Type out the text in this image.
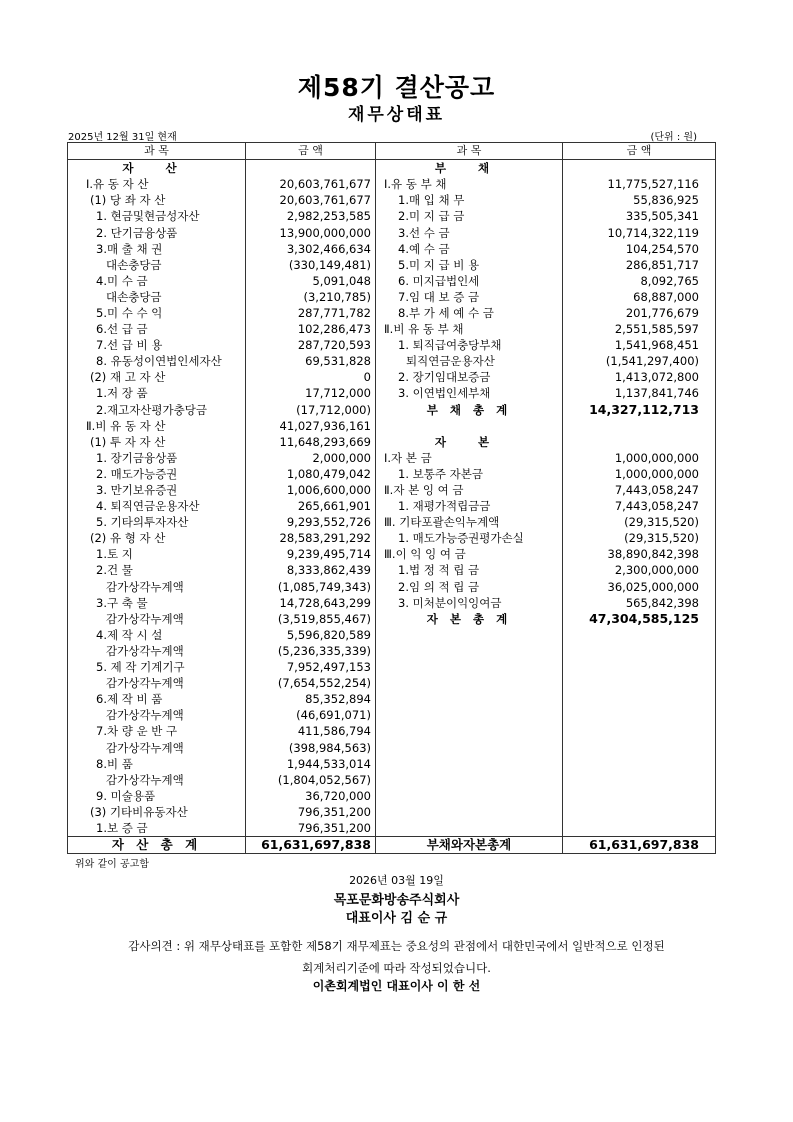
제58기 결산공고
재무상태표
2025년 12월 31일 현재	(단위 : 원)
과 목	금 액	과 목	금 액
자 산		부 채	
Ⅰ.유 동 자 산	20,603,761,677	Ⅰ.유 동 부 채	11,775,527,116
(1) 당 좌 자 산	20,603,761,677	1.매 입 채 무	55,836,925
1. 현금및현금성자산	2,982,253,585	2.미 지 급 금	335,505,341
2. 단기금융상품	13,900,000,000	3.선 수 금	10,714,322,119
3.매 출 채 권	3,302,466,634	4.예 수 금	104,254,570
대손충당금	(330,149,481)	5.미 지 급 비 용	286,851,717
4.미 수 금	5,091,048	6. 미지급법인세	8,092,765
대손충당금	(3,210,785)	7.임 대 보 증 금	68,887,000
5.미 수 수 익	287,771,782	8.부 가 세 예 수 금	201,776,679
6.선 급 금	102,286,473	Ⅱ.비 유 동 부 채	2,551,585,597
7.선 급 비 용	287,720,593	1. 퇴직급여충당부채	1,541,968,451
8. 유동성이연법인세자산	69,531,828	퇴직연금운용자산	(1,541,297,400)
(2) 재 고 자 산	0	2. 장기임대보증금	1,413,072,800
1.저 장 품	17,712,000	3. 이연법인세부채	1,137,841,746
2.재고자산평가충당금	(17,712,000)	부 채 총 계	14,327,112,713
Ⅱ.비 유 동 자 산	41,027,936,161		
(1) 투 자 자 산	11,648,293,669	자 본	
1. 장기금융상품	2,000,000	Ⅰ.자 본 금	1,000,000,000
2. 매도가능증권	1,080,479,042	1. 보통주 자본금	1,000,000,000
3. 만기보유증권	1,006,600,000	Ⅱ.자 본 잉 여 금	7,443,058,247
4. 퇴직연금운용자산	265,661,901	1. 재평가적립금금	7,443,058,247
5. 기타의투자자산	9,293,552,726	Ⅲ. 기타포괄손익누계액	(29,315,520)
(2) 유 형 자 산	28,583,291,292	1. 매도가능증권평가손실	(29,315,520)
1.토 지	9,239,495,714	Ⅲ.이 익 잉 여 금	38,890,842,398
2.건 물	8,333,862,439	1.법 정 적 립 금	2,300,000,000
감가상각누계액	(1,085,749,343)	2.임 의 적 립 금	36,025,000,000
3.구 축 물	14,728,643,299	3. 미처분이익잉여금	565,842,398
감가상각누계액	(3,519,855,467)	자 본 총 계	47,304,585,125
4.제 작 시 설	5,596,820,589		
감가상각누계액	(5,236,335,339)		
5. 제 작 기계기구	7,952,497,153		
감가상각누계액	(7,654,552,254)		
6.제 작 비 품	85,352,894		
감가상각누계액	(46,691,071)		
7.차 량 운 반 구	411,586,794		
감가상각누계액	(398,984,563)		
8.비 품	1,944,533,014		
감가상각누계액	(1,804,052,567)		
9. 미술용품	36,720,000		
(3) 기타비유동자산	796,351,200		
1.보 증 금	796,351,200		
자 산 총 계	61,631,697,838	부채와자본총계	61,631,697,838
위와 같이 공고함
2026년 03월 19일
목포문화방송주식회사
대표이사 김 순 규
감사의견 : 위 재무상태표를 포함한 제58기 재무제표는 중요성의 관점에서 대한민국에서 일반적으로 인정된
회계처리기준에 따라 작성되었습니다.
이촌회계법인 대표이사 이 한 선
